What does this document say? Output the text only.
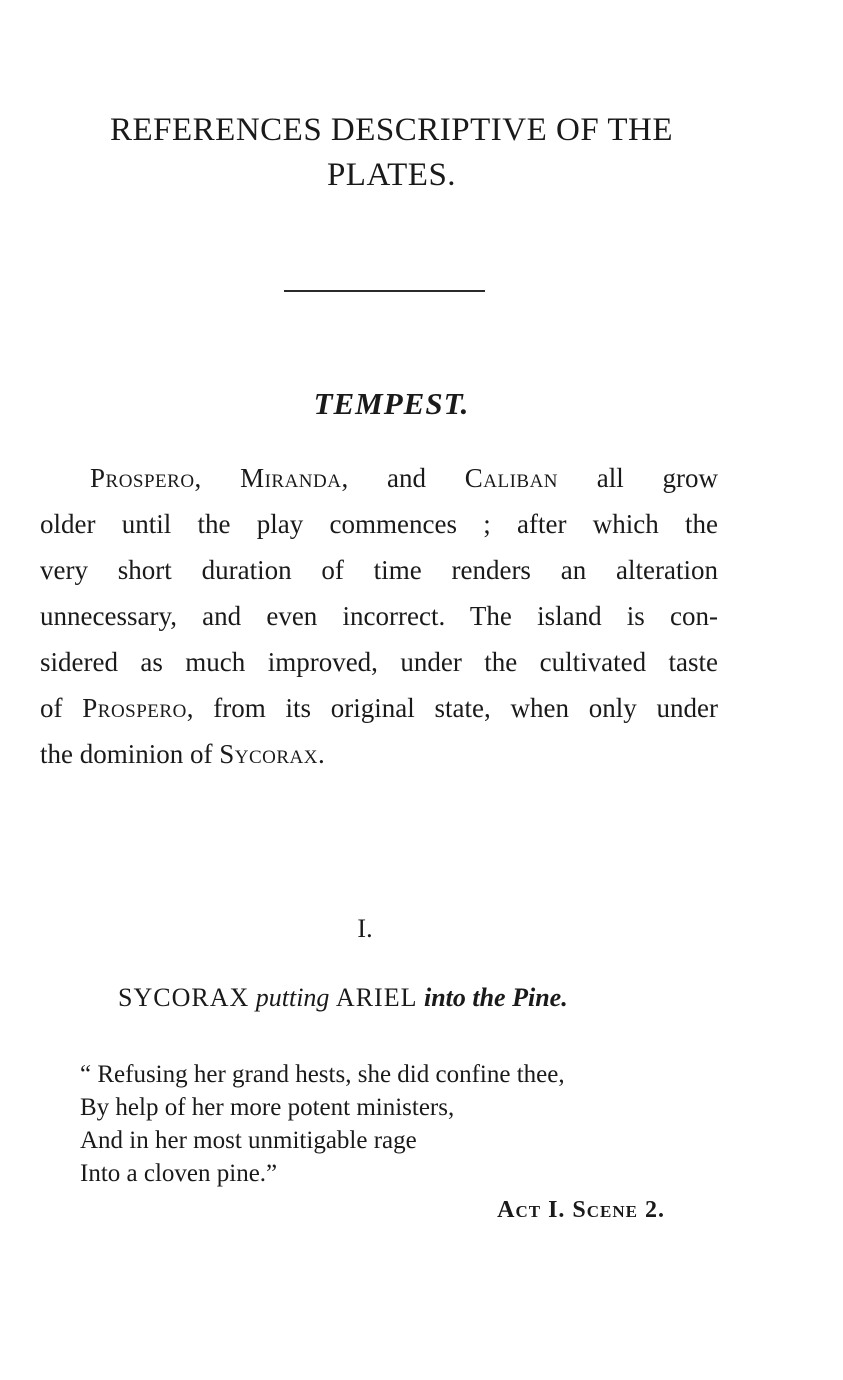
REFERENCES DESCRIPTIVE OF THE
PLATES.
TEMPEST.
Prospero, Miranda, and Caliban all grow
older until the play commences ; after which the
very short duration of time renders an alteration
unnecessary, and even incorrect. The island is con-
sidered as much improved, under the cultivated taste
of Prospero, from its original state, when only under
the dominion of Sycorax.
I.
SYCORAX putting ARIEL into the Pine.
“ Refusing her grand hests, she did confine thee,
By help of her more potent ministers,
And in her most unmitigable rage
Into a cloven pine.”
Act I. Scene 2.
